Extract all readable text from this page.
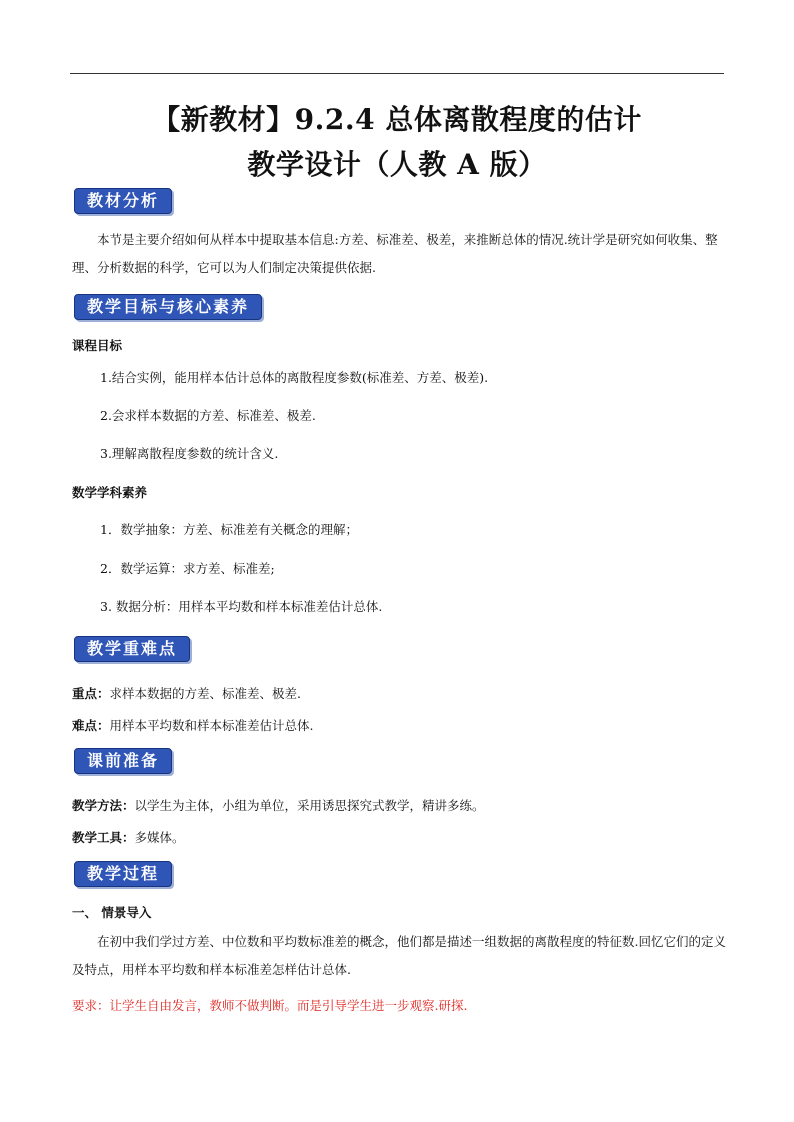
【新教材】9.2.4 总体离散程度的估计
教学设计（人教 A 版）
教材分析
本节是主要介绍如何从样本中提取基本信息:方差、标准差、极差，来推断总体的情况.统计学是研究如何收集、整理、分析数据的科学，它可以为人们制定决策提供依据.
教学目标与核心素养
课程目标
1.结合实例，能用样本估计总体的离散程度参数(标准差、方差、极差).
2.会求样本数据的方差、标准差、极差.
3.理解离散程度参数的统计含义.
数学学科素养
1．数学抽象：方差、标准差有关概念的理解；
2．数学运算：求方差、标准差;
3. 数据分析：用样本平均数和样本标准差估计总体.
教学重难点
重点：求样本数据的方差、标准差、极差.
难点：用样本平均数和样本标准差估计总体.
课前准备
教学方法：以学生为主体，小组为单位，采用诱思探究式教学，精讲多练。
教学工具：多媒体。
教学过程
一、 情景导入
在初中我们学过方差、中位数和平均数标准差的概念，他们都是描述一组数据的离散程度的特征数.回忆它们的定义及特点，用样本平均数和样本标准差怎样估计总体.
要求：让学生自由发言，教师不做判断。而是引导学生进一步观察.研探.
